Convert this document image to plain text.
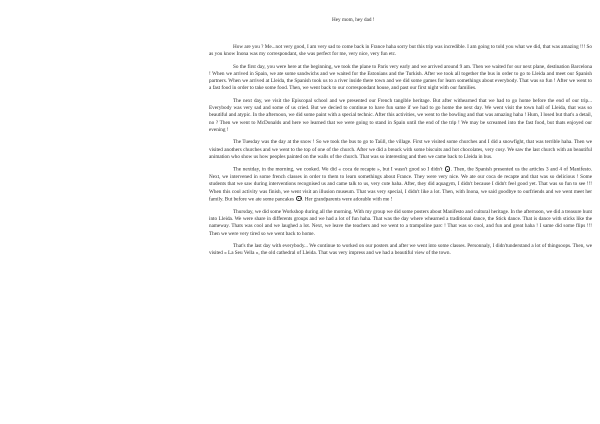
Hey mom, hey dad !

How are you ? Me...not very good, I am very sad to come back in France haha sorry but this trip was incredible. I am going to told you what we did, that was amazing !!! So as you know Inona was my correspondant, she was perfect for me, very nice, very fun etc.

So the first day, you were here at the beginning, we took the plane to Paris very early and we arrived around 9 am. Then we waited for our next plane, destination Barcelona ! When we arrived in Spain, we ate some sandwichs and we waited for the Estonians and the Turkish. After we took all together the bus in order to go to Lleida and meet our Spanish partners. When we arrived at Lleida, the Spanish took us to a river inside there town and we did some games for learn somethings about everybody. That was so fun ! After we went to a fast food in order to take some food. Then, we went back to our correspondant house, and past our first night with our families.

The next day, we visit the Episcopal school and we presented our French tangible heritage. But after withearned that we had to go home before the end of our trip... Everybody was very sad and some of us cried. But we decied to continue to have fun same if we had to go home the next day. We went visit the town hall of Lleida, that was so beautiful and atypic. In the afternoon, we did some paint with a special technic. After this activities, we went to the bowling and that was amazing haha ! Hum, I losed but that's a detail, no ? Then we went to McDonalds and here we learned that we were going to stand in Spain until the end of the trip ! We may be screamed into the fast food, but thats enjoyed our evening !

The Tuesday was the day at the snow ! So we took the bus to go to Taüll, the village. First we visited some churches and I did a snowfight, that was terrible haha. Then we visited anothers churches and we went to the top of one of the church. After we did a breack with some biscuits and hot chocolates, very cosy. We saw the last church with an beautiful animation who show us how peoples painted on the walls of the church. That was so interesting and then we came back to Lleida in bus.

The nextday, in the morning, we cooked. We did « coca de recapte », but I wasn't good so I didn't . Then, the Spanish presented us the articles 3 and 4 of Manifesto. Next, we intervened in some french classes in order to them to learn somethings about France. They were very nice. We ate our coca de recapte and that was so delicious ! Some students that we saw during interventions recognised us and came talk to us, very cute haha. After, they did aquagym, I didn't because I didn't feel good yet. That was so fun to see !!! When this cool activity was finish, we went visit an illusion museum. That was very special, I didn't like a lot. Then, with Inona, we said goodbye to ourfriends and we went meet her family. But before we ate some pancakes . Her grandparents were adorable with me !

Thursday, we did some Workshop during all the morning. With my group we did some posters about Manifesto and cultural heritage. In the afternoon, we did a treasure hunt into Lleida. We were share in differents groups and we had a lot of fun haha. That was the day where whearned a traditional dance, the Stick dance. That is dance with sticks like the nameway. Thats was cool and we laughed a lot. Next, we leave the teachers and we went to a trampoline parc ! That was so cool, and fun and great haha ! I same did some flips !!! Then we were very tired so we went back to home.

That's the last day with everybody... We continue to worked on our posters and after we went into some classes. Personnaly, I didn'tunderstand a lot of thingsoops. Then, we visited « La Seu Vella », the old cathedral of Lleida. That was very impress and we had a beautiful view of the town.
